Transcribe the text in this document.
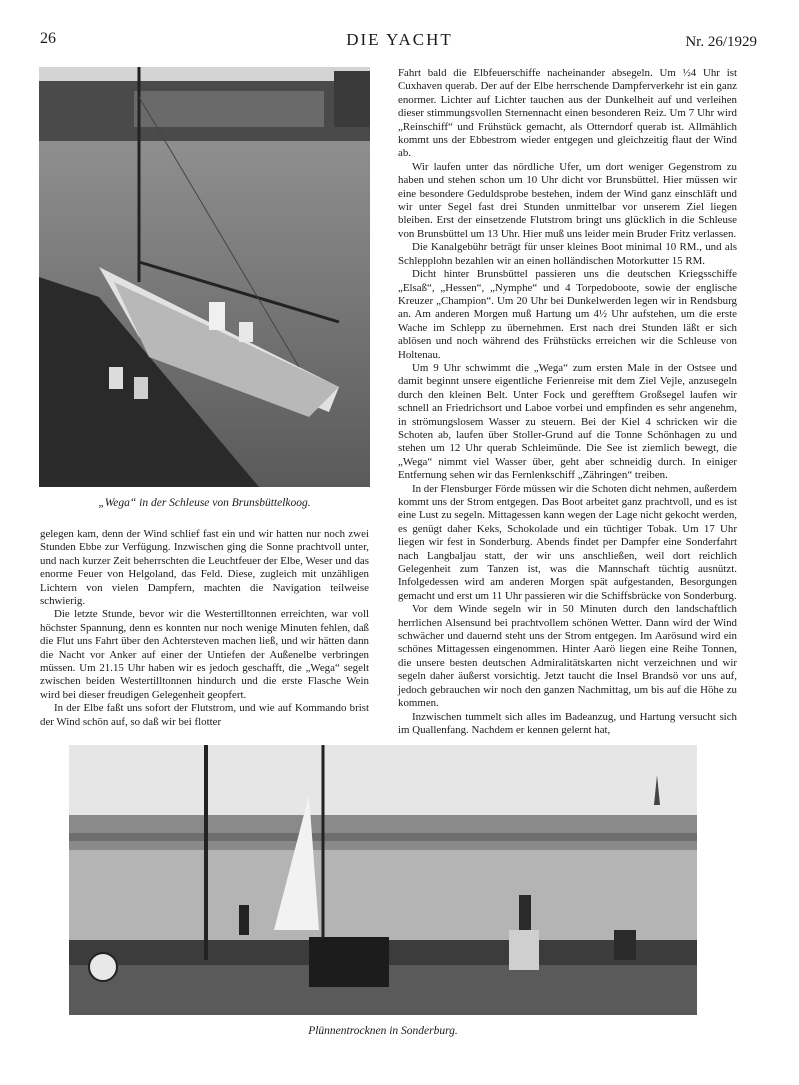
26	DIE YACHT	Nr. 26/1929
„Wega“ in der Schleuse von Brunsbüttelkoog.

gelegen kam, denn der Wind schlief fast ein und wir hatten nur noch zwei Stunden Ebbe zur Verfügung. Inzwischen ging die Sonne prachtvoll unter, und nach kurzer Zeit beherrschten die Leuchtfeuer der Elbe, Weser und das enorme Feuer von Helgoland, das Feld. Diese, zugleich mit unzähligen Lichtern von vielen Dampfern, machten die Navigation teilweise schwierig.

Die letzte Stunde, bevor wir die Westertilltonnen erreichten, war voll höchster Spannung, denn es konnten nur noch wenige Minuten fehlen, daß die Flut uns Fahrt über den Achtersteven machen ließ, und wir hätten dann die Nacht vor Anker auf einer der Untiefen der Außenelbe verbringen müssen. Um 21.15 Uhr haben wir es jedoch geschafft, die „Wega“ segelt zwischen beiden Westertilltonnen hindurch und die erste Flasche Wein wird bei dieser freudigen Gelegenheit geopfert.

In der Elbe faßt uns sofort der Flutstrom, und wie auf Kommando brist der Wind schön auf, so daß wir bei flotter

Fahrt bald die Elbfeuerschiffe nacheinander absegeln. Um ½4 Uhr ist Cuxhaven querab. Der auf der Elbe herrschende Dampferverkehr ist ein ganz enormer. Lichter auf Lichter tauchen aus der Dunkelheit auf und verleihen dieser stimmungsvollen Sternennacht einen besonderen Reiz. Um 7 Uhr wird „Reinschiff“ und Frühstück gemacht, als Otterndorf querab ist. Allmählich kommt uns der Ebbestrom wieder entgegen und gleichzeitig flaut der Wind ab.

Wir laufen unter das nördliche Ufer, um dort weniger Gegenstrom zu haben und stehen schon um 10 Uhr dicht vor Brunsbüttel. Hier müssen wir eine besondere Geduldsprobe bestehen, indem der Wind ganz einschläft und wir unter Segel fast drei Stunden unmittelbar vor unserem Ziel liegen bleiben. Erst der einsetzende Flutstrom bringt uns glücklich in die Schleuse von Brunsbüttel um 13 Uhr. Hier muß uns leider mein Bruder Fritz verlassen.

Die Kanalgebühr beträgt für unser kleines Boot minimal 10 RM., und als Schlepplohn bezahlen wir an einen holländischen Motorkutter 15 RM.

Dicht hinter Brunsbüttel passieren uns die deutschen Kriegsschiffe „Elsaß“, „Hessen“, „Nymphe“ und 4 Torpedoboote, sowie der englische Kreuzer „Champion“. Um 20 Uhr bei Dunkelwerden legen wir in Rendsburg an. Am anderen Morgen muß Hartung um 4½ Uhr aufstehen, um die erste Wache im Schlepp zu übernehmen. Erst nach drei Stunden läßt er sich ablösen und noch während des Frühstücks erreichen wir die Schleuse von Holtenau.

Um 9 Uhr schwimmt die „Wega“ zum ersten Male in der Ostsee und damit beginnt unsere eigentliche Ferienreise mit dem Ziel Vejle, anzusegeln durch den kleinen Belt. Unter Fock und gerefftem Großsegel laufen wir schnell an Friedrichsort und Laboe vorbei und empfinden es sehr angenehm, in strömungslosem Wasser zu steuern. Bei der Kiel 4 schricken wir die Schoten ab, laufen über Stoller-Grund auf die Tonne Schönhagen zu und stehen um 12 Uhr querab Schleimünde. Die See ist ziemlich bewegt, die „Wega“ nimmt viel Wasser über, geht aber schneidig durch. In einiger Entfernung sehen wir das Fernlenkschiff „Zähringen“ treiben.

In der Flensburger Förde müssen wir die Schoten dicht nehmen, außerdem kommt uns der Strom entgegen. Das Boot arbeitet ganz prachtvoll, und es ist eine Lust zu segeln. Mittagessen kann wegen der Lage nicht gekocht werden, es genügt daher Keks, Schokolade und ein tüchtiger Tobak. Um 17 Uhr liegen wir fest in Sonderburg. Abends findet per Dampfer eine Sonderfahrt nach Langbaljau statt, der wir uns anschließen, weil dort reichlich Gelegenheit zum Tanzen ist, was die Mannschaft tüchtig ausnützt. Infolgedessen wird am anderen Morgen spät aufgestanden, Besorgungen gemacht und erst um 11 Uhr passieren wir die Schiffsbrücke von Sonderburg.

Vor dem Winde segeln wir in 50 Minuten durch den landschaftlich herrlichen Alsensund bei prachtvollem schönen Wetter. Dann wird der Wind schwächer und dauernd steht uns der Strom entgegen. Im Aarösund wird ein schönes Mittagessen eingenommen. Hinter Aarö liegen eine Reihe Tonnen, die unsere besten deutschen Admiralitätskarten nicht verzeichnen und wir segeln daher äußerst vorsichtig. Jetzt taucht die Insel Brandsö vor uns auf, jedoch gebrauchen wir noch den ganzen Nachmittag, um bis auf die Höhe zu kommen.

Inzwischen tummelt sich alles im Badeanzug, und Hartung versucht sich im Quallenfang. Nachdem er kennen gelernt hat,

Plünnentrocknen in Sonderburg.
